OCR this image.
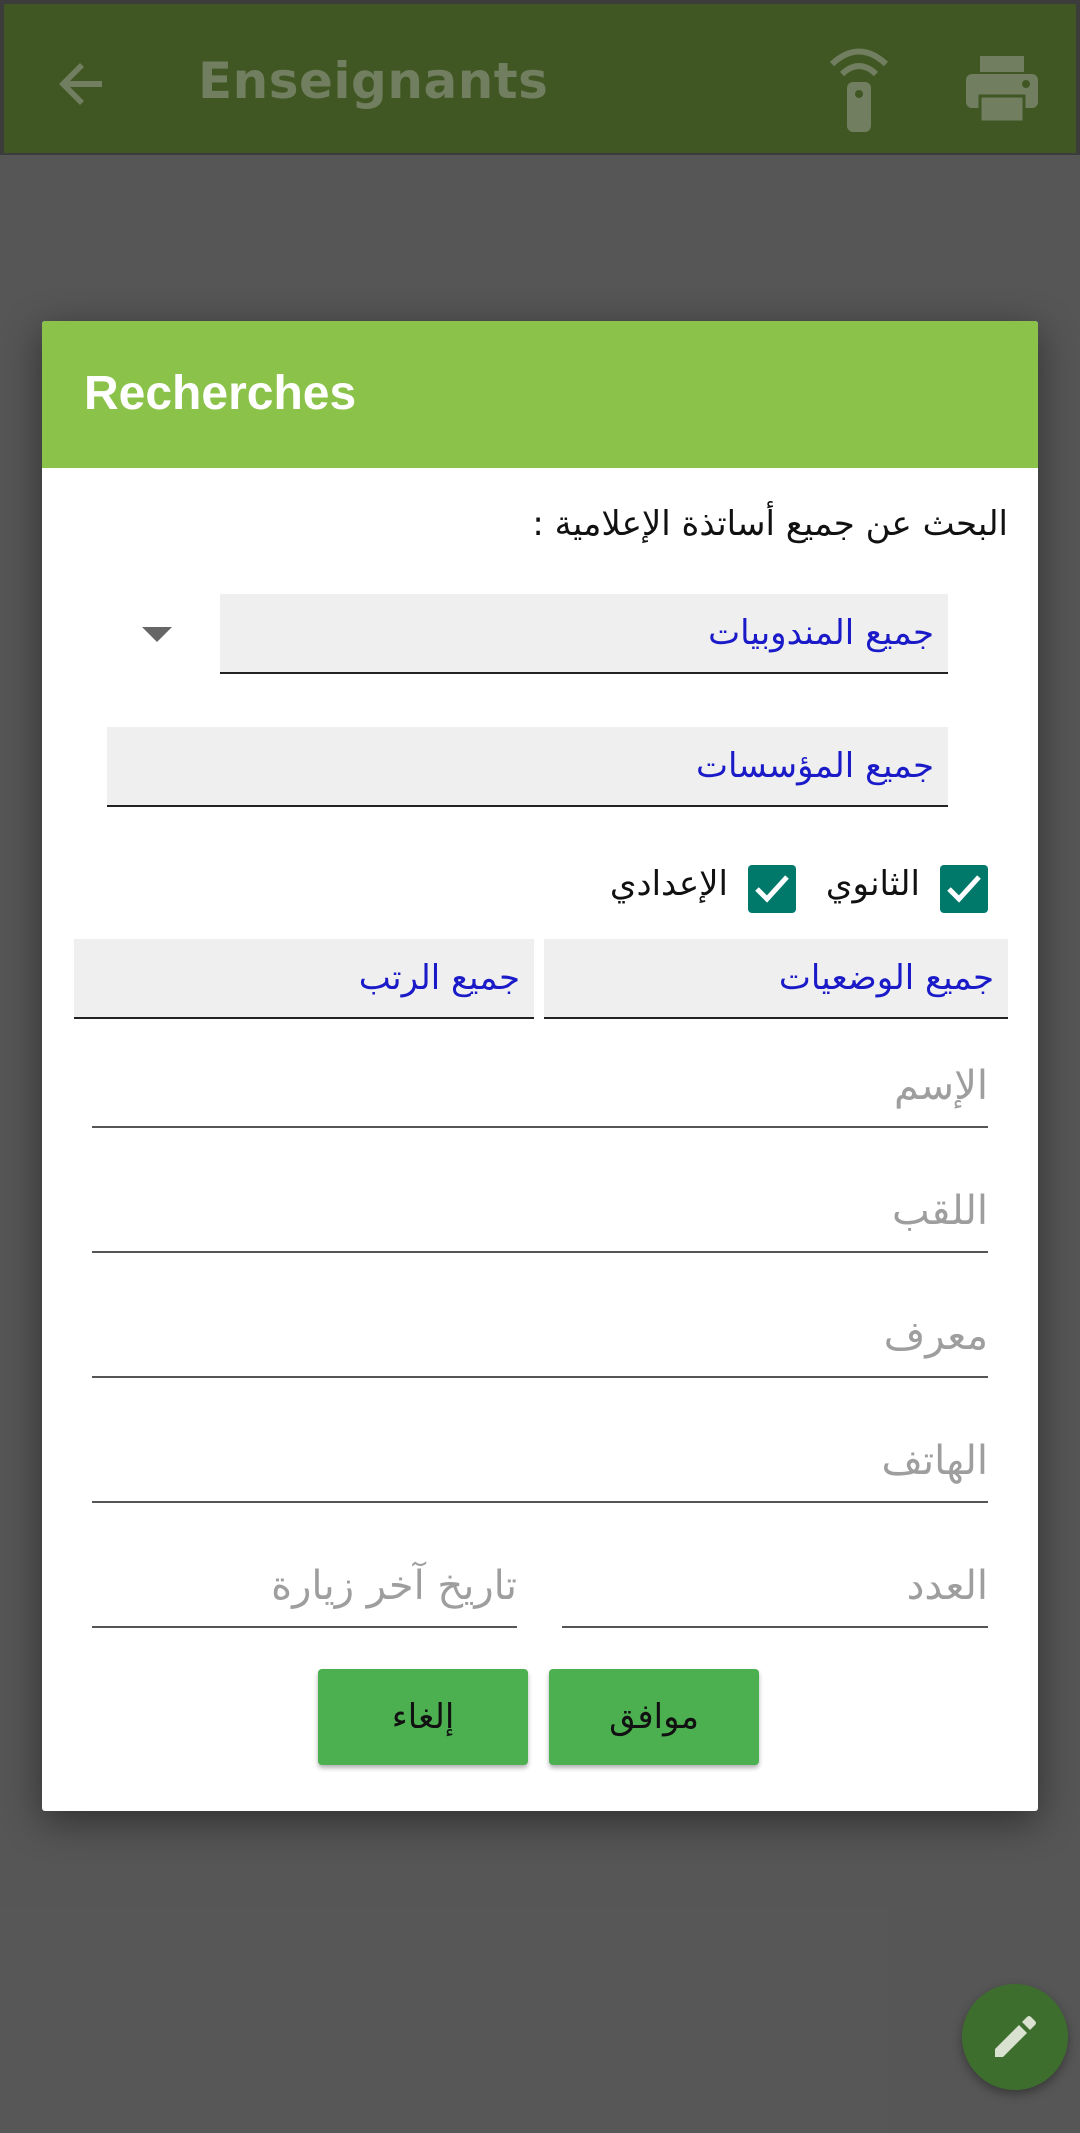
Enseignants
Recherches
البحث عن جميع أساتذة الإعلامية :
جميع المندوبيات
جميع المؤسسات
الثانوي
الإعدادي
جميع الوضعيات
جميع الرتب
الإسم
اللقب
معرف
الهاتف
العدد
تاريخ آخر زيارة
موافق
إلغاء
